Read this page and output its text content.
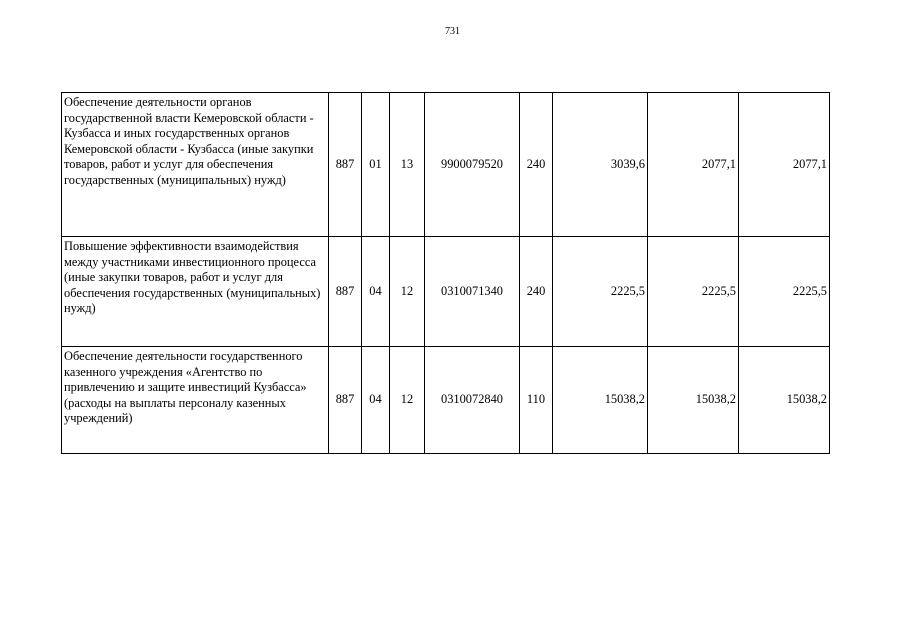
731
Обеспечение деятельности органов государственной власти Кемеровской области - Кузбасса и иных государственных органов Кемеровской области - Кузбасса (иные закупки товаров, работ и услуг для обеспечения государственных (муниципальных) нужд)	887	01	13	9900079520	240	3039,6	2077,1	2077,1
Повышение эффективности взаимодействия между участниками инвестиционного процесса (иные закупки товаров, работ и услуг для обеспечения государственных (муниципальных) нужд)	887	04	12	0310071340	240	2225,5	2225,5	2225,5
Обеспечение деятельности государственного казенного учреждения «Агентство по привлечению и защите инвестиций Кузбасса» (расходы на выплаты персоналу казенных учреждений)	887	04	12	0310072840	110	15038,2	15038,2	15038,2
